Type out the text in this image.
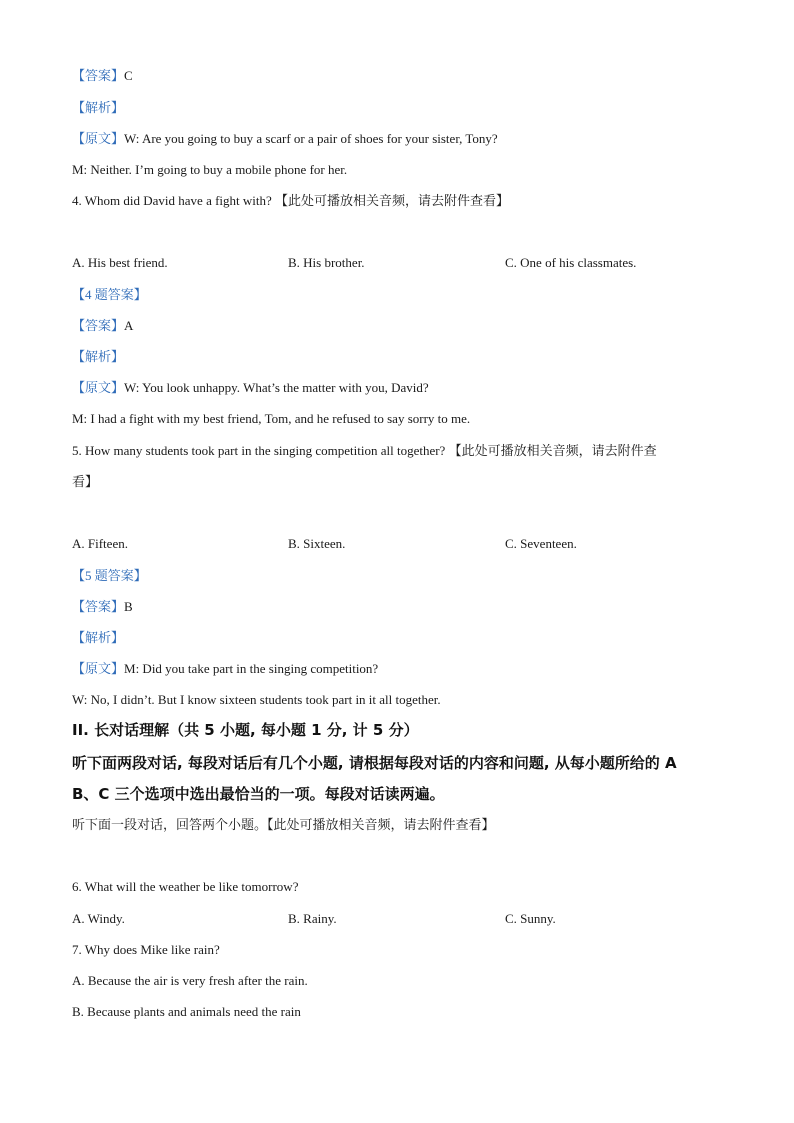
【答案】C
【解析】
【原文】W: Are you going to buy a scarf or a pair of shoes for your sister, Tony?
M: Neither. I’m going to buy a mobile phone for her.
4. Whom did David have a fight with? 【此处可播放相关音频，请去附件查看】
A. His best friend.	B. His brother.	C. One of his classmates.
【4 题答案】
【答案】A
【解析】
【原文】W: You look unhappy. What’s the matter with you, David?
M: I had a fight with my best friend, Tom, and he refused to say sorry to me.
5. How many students took part in the singing competition all together? 【此处可播放相关音频，请去附件查
看】
A. Fifteen.	B. Sixteen.	C. Seventeen.
【5 题答案】
【答案】B
【解析】
【原文】M: Did you take part in the singing competition?
W: No, I didn’t. But I know sixteen students took part in it all together.
II. 长对话理解（共 5 小题, 每小题 1 分, 计 5 分）
听下面两段对话, 每段对话后有几个小题, 请根据每段对话的内容和问题, 从每小题所给的 A
B、C 三个选项中选出最恰当的一项。每段对话读两遍。
听下面一段对话，回答两个小题。【此处可播放相关音频，请去附件查看】
6. What will the weather be like tomorrow?
A. Windy.	B. Rainy.	C. Sunny.
7. Why does Mike like rain?
A. Because the air is very fresh after the rain.
B. Because plants and animals need the rain
